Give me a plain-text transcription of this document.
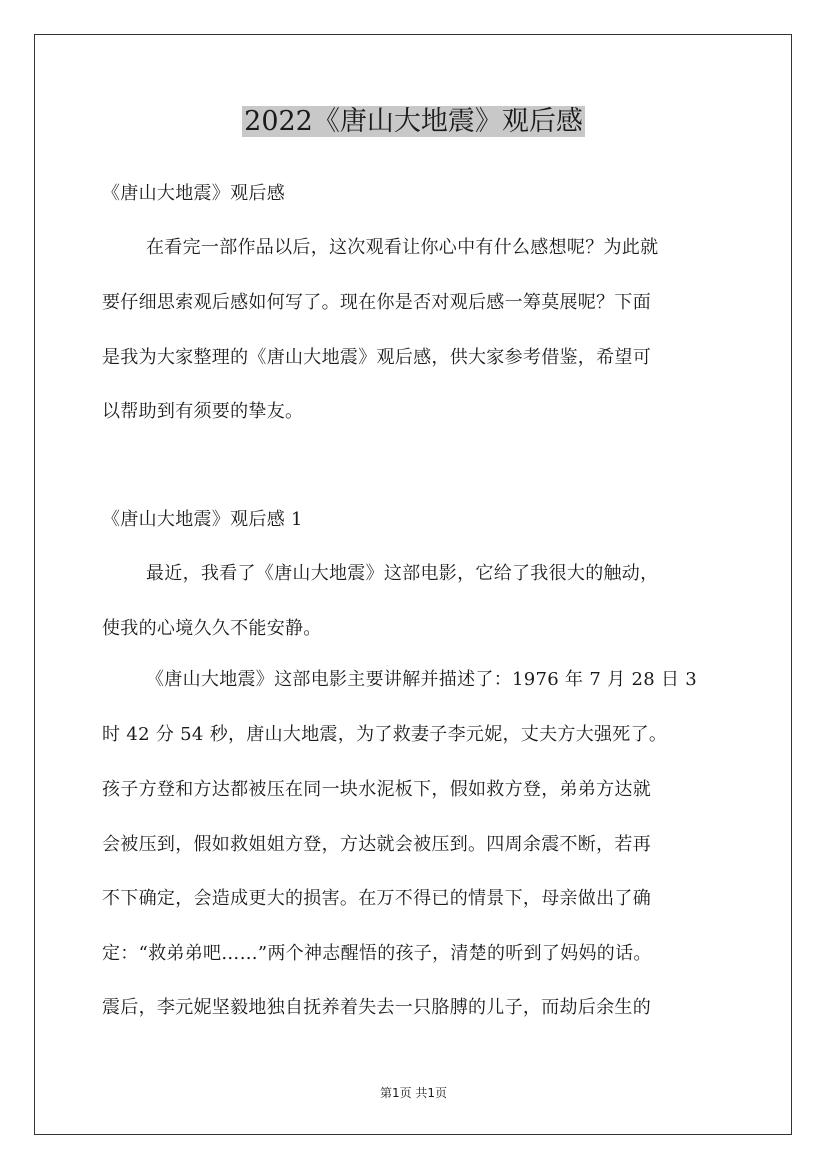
2022《唐山大地震》观后感
《唐山大地震》观后感
在看完一部作品以后，这次观看让你心中有什么感想呢？为此就
要仔细思索观后感如何写了。现在你是否对观后感一筹莫展呢？下面
是我为大家整理的《唐山大地震》观后感，供大家参考借鉴，希望可
以帮助到有须要的挚友。
《唐山大地震》观后感 1
最近，我看了《唐山大地震》这部电影，它给了我很大的触动，
使我的心境久久不能安静。
《唐山大地震》这部电影主要讲解并描述了：1976 年 7 月 28 日 3
时 42 分 54 秒，唐山大地震，为了救妻子李元妮，丈夫方大强死了。
孩子方登和方达都被压在同一块水泥板下，假如救方登，弟弟方达就
会被压到，假如救姐姐方登，方达就会被压到。四周余震不断，若再
不下确定，会造成更大的损害。在万不得已的情景下，母亲做出了确
定：“救弟弟吧……”两个神志醒悟的孩子，清楚的听到了妈妈的话。
震后，李元妮坚毅地独自抚养着失去一只胳膊的儿子，而劫后余生的
第1页 共1页
